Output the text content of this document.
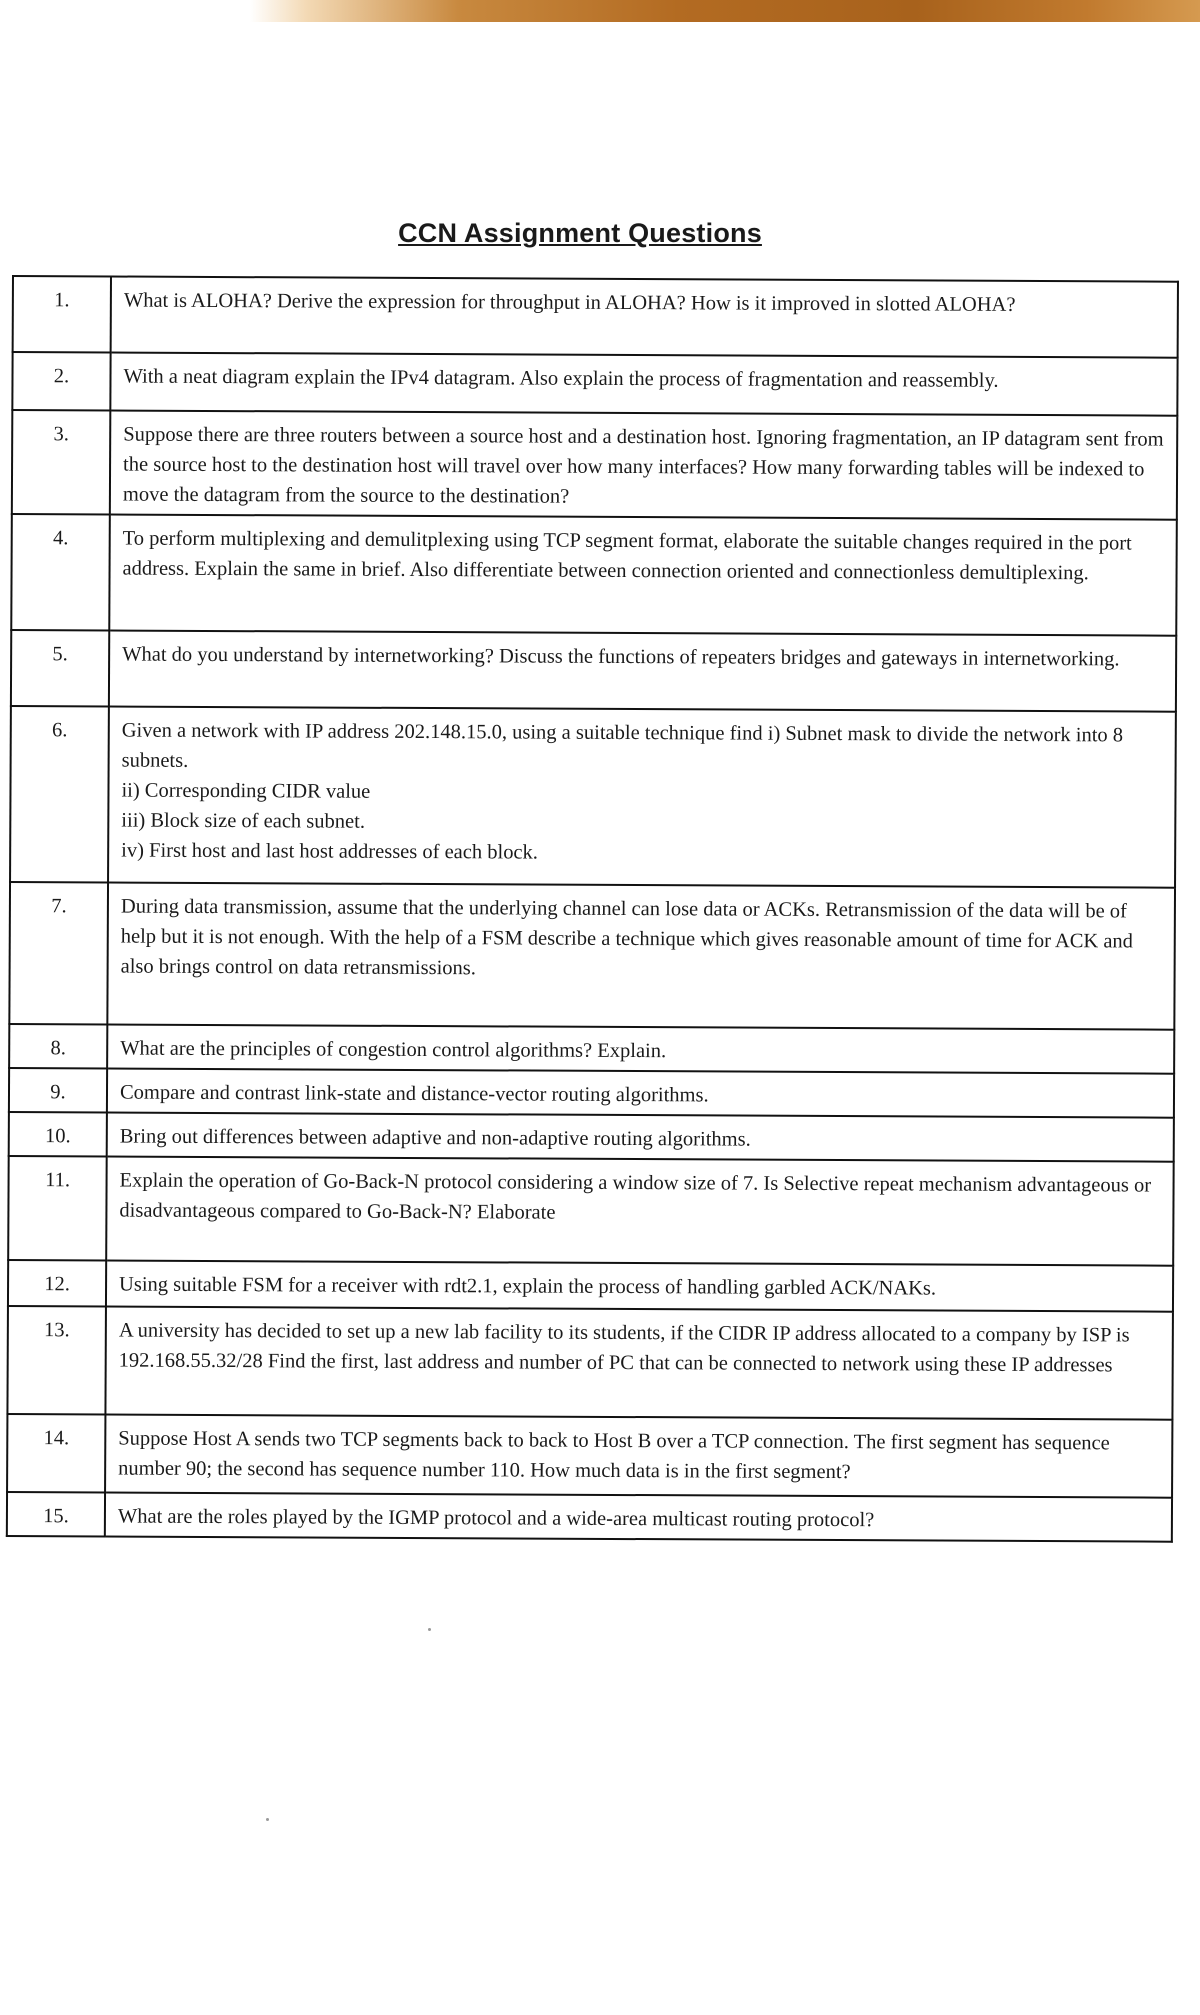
CCN Assignment Questions
1.	What is ALOHA? Derive the expression for throughput in ALOHA? How is it improved in slotted ALOHA?
2.	With a neat diagram explain the IPv4 datagram. Also explain the process of fragmentation and reassembly.
3.	Suppose there are three routers between a source host and a destination host. Ignoring fragmentation, an IP datagram sent from the source host to the destination host will travel over how many interfaces? How many forwarding tables will be indexed to move the datagram from the source to the destination?
4.	To perform multiplexing and demulitplexing using TCP segment format, elaborate the suitable changes required in the port address. Explain the same in brief. Also differentiate between connection oriented and connectionless demultiplexing.
5.	What do you understand by internetworking? Discuss the functions of repeaters bridges and gateways in internetworking.
6.	Given a network with IP address 202.148.15.0, using a suitable technique find i) Subnet mask to divide the network into 8 subnets.
ii) Corresponding CIDR value
iii) Block size of each subnet.
iv) First host and last host addresses of each block.
7.	During data transmission, assume that the underlying channel can lose data or ACKs. Retransmission of the data will be of help but it is not enough. With the help of a FSM describe a technique which gives reasonable amount of time for ACK and also brings control on data retransmissions.
8.	What are the principles of congestion control algorithms? Explain.
9.	Compare and contrast link-state and distance-vector routing algorithms.
10.	Bring out differences between adaptive and non-adaptive routing algorithms.
11.	Explain the operation of Go-Back-N protocol considering a window size of 7. Is Selective repeat mechanism advantageous or disadvantageous compared to Go-Back-N? Elaborate
12.	Using suitable FSM for a receiver with rdt2.1, explain the process of handling garbled ACK/NAKs.
13.	A university has decided to set up a new lab facility to its students, if the CIDR IP address allocated to a company by ISP is 192.168.55.32/28 Find the first, last address and number of PC that can be connected to network using these IP addresses
14.	Suppose Host A sends two TCP segments back to back to Host B over a TCP connection. The first segment has sequence number 90; the second has sequence number 110. How much data is in the first segment?
15.	What are the roles played by the IGMP protocol and a wide-area multicast routing protocol?
